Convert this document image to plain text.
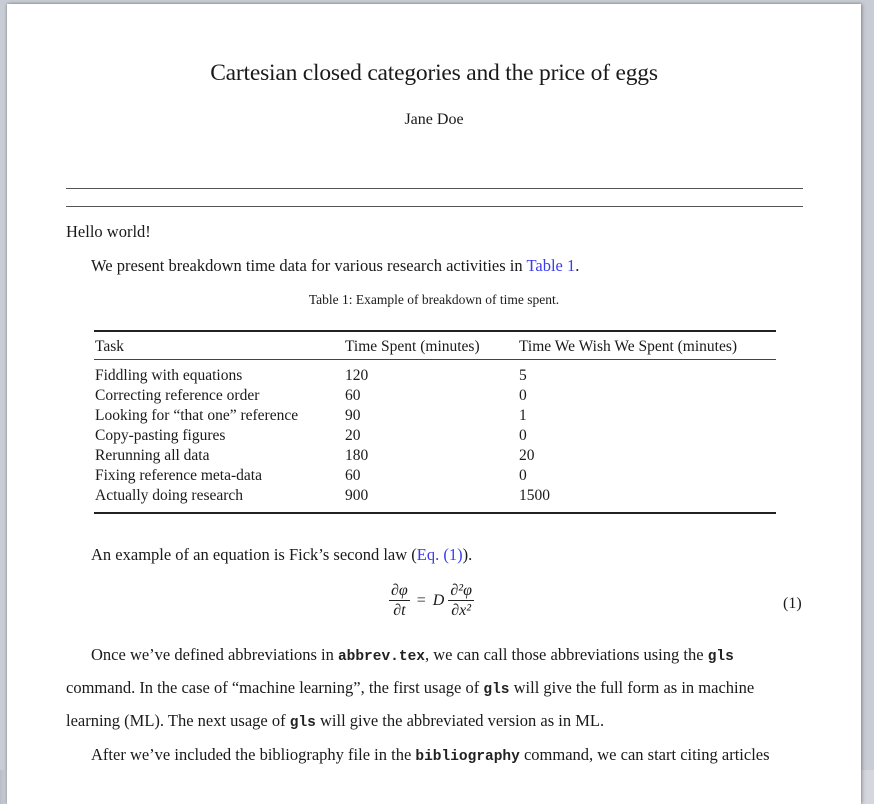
Cartesian closed categories and the price of eggs
Jane Doe
Hello world!
We present breakdown time data for various research activities in Table 1.
Table 1: Example of breakdown of time spent.
Task	Time Spent (minutes)	Time We Wish We Spent (minutes)
Fiddling with equations	120	5
Correcting reference order	60	0
Looking for “that one” reference	90	1
Copy-pasting figures	20	0
Rerunning all data	180	20
Fixing reference meta-data	60	0
Actually doing research	900	1500
An example of an equation is Fick’s second law (Eq. (1)).
$\frac{\partial\varphi}{\partial t} = D \frac{\text{∂²φ}}{\text{∂x²}}$	(1)
Once we’ve defined abbreviations in abbrev.tex, we can call those abbreviations using the gls
command. In the case of “machine learning”, the first usage of gls will give the full form as in machine
learning (ML). The next usage of gls will give the abbreviated version as in ML.
After we’ve included the bibliography file in the bibliography command, we can start citing articles
